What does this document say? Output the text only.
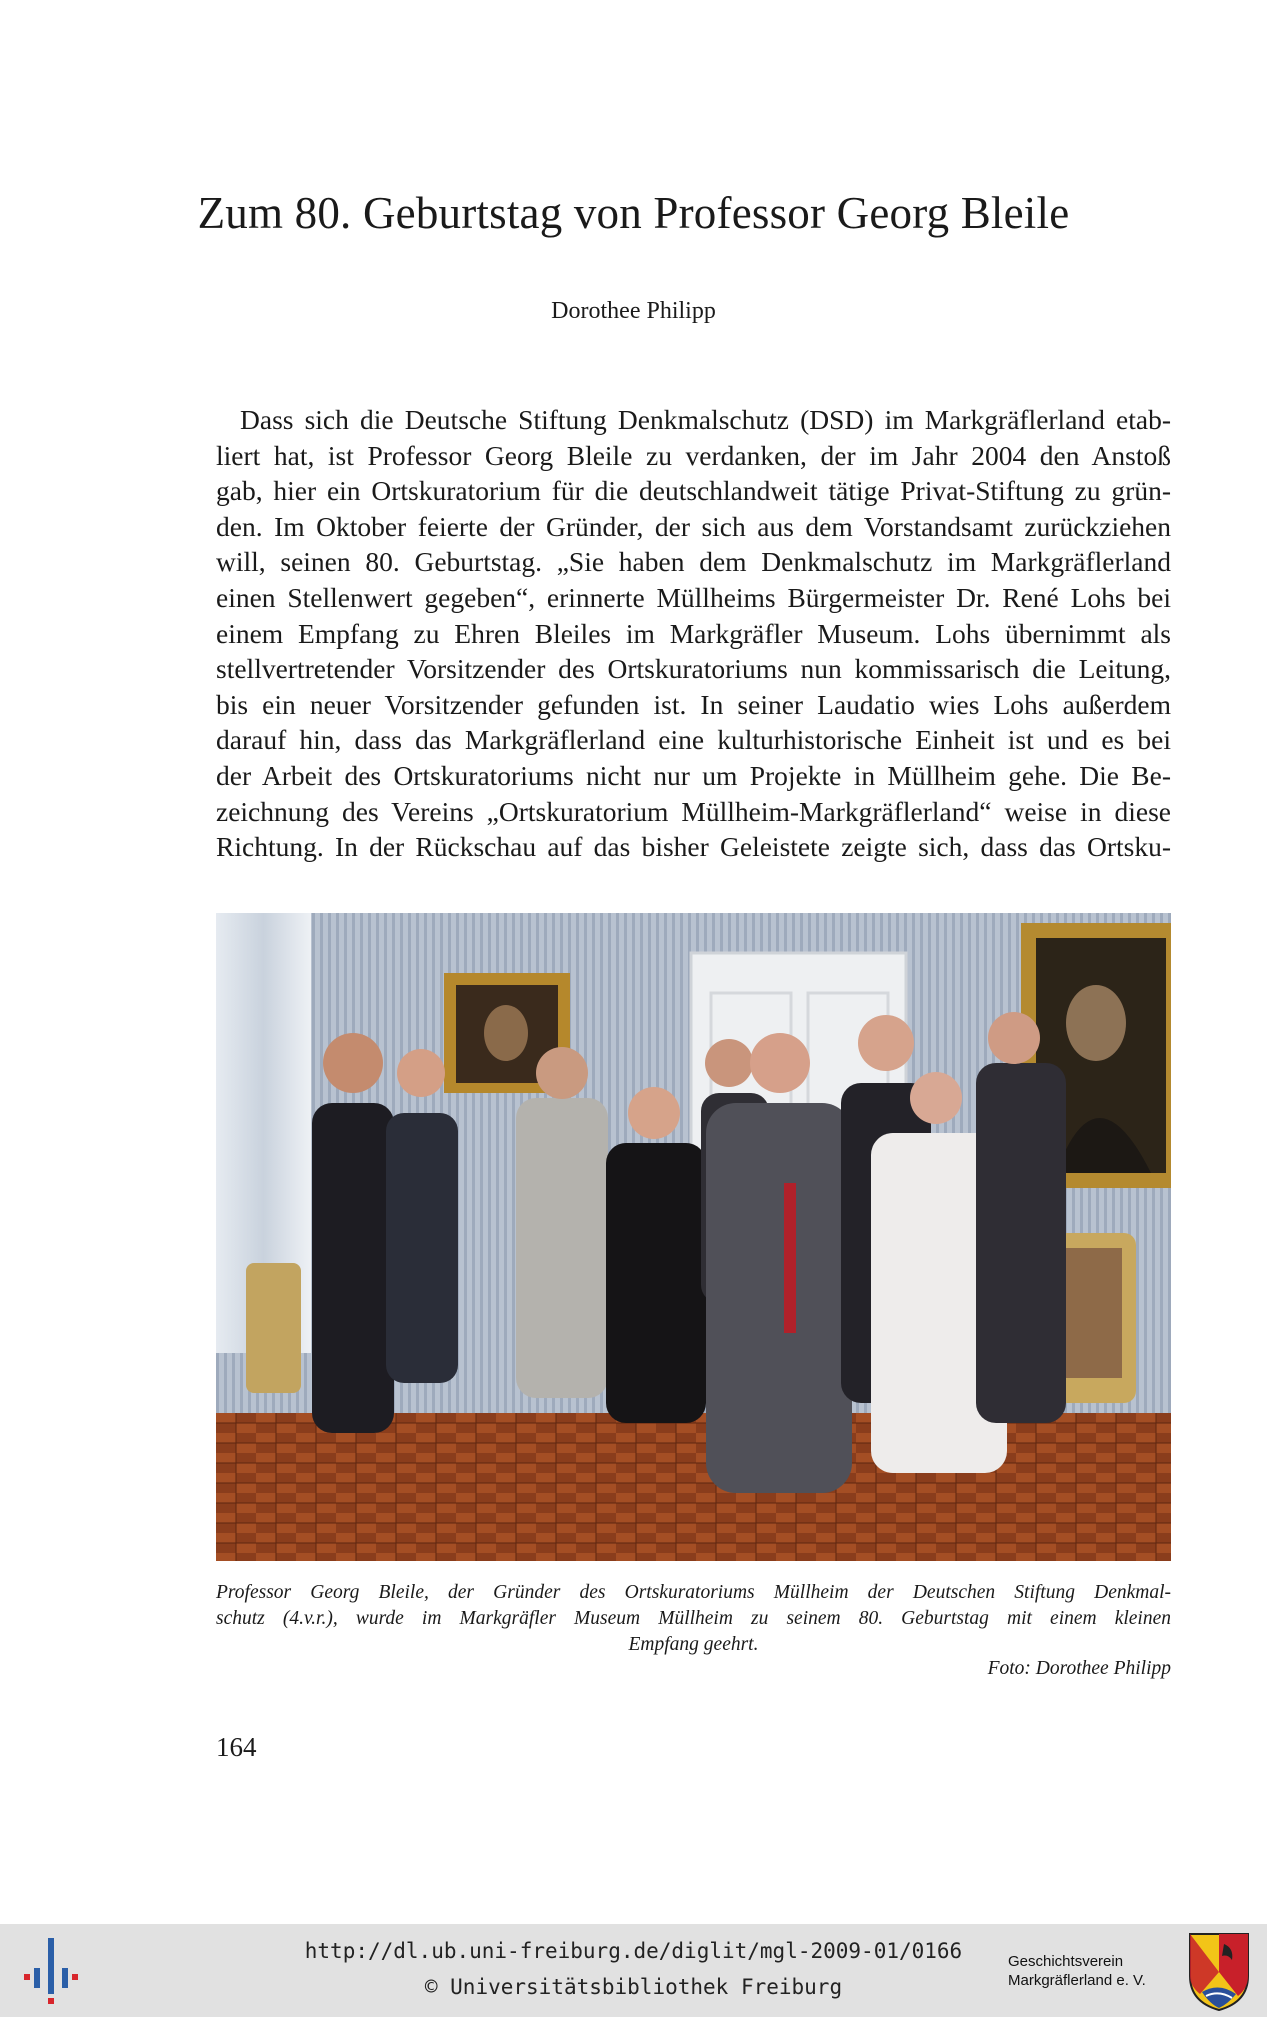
Zum 80. Geburtstag von Professor Georg Bleile
Dorothee Philipp
Dass sich die Deutsche Stiftung Denkmalschutz (DSD) im Markgräflerland etab-
liert hat, ist Professor Georg Bleile zu verdanken, der im Jahr 2004 den Anstoß
gab, hier ein Ortskuratorium für die deutschlandweit tätige Privat-Stiftung zu grün-
den. Im Oktober feierte der Gründer, der sich aus dem Vorstandsamt zurückziehen
will, seinen 80. Geburtstag. „Sie haben dem Denkmalschutz im Markgräflerland
einen Stellenwert gegeben“, erinnerte Müllheims Bürgermeister Dr. René Lohs bei
einem Empfang zu Ehren Bleiles im Markgräfler Museum. Lohs übernimmt als
stellvertretender Vorsitzender des Ortskuratoriums nun kommissarisch die Leitung,
bis ein neuer Vorsitzender gefunden ist. In seiner Laudatio wies Lohs außerdem
darauf hin, dass das Markgräflerland eine kulturhistorische Einheit ist und es bei
der Arbeit des Ortskuratoriums nicht nur um Projekte in Müllheim gehe. Die Be-
zeichnung des Vereins „Ortskuratorium Müllheim-Markgräflerland“ weise in diese
Richtung. In der Rückschau auf das bisher Geleistete zeigte sich, dass das Ortsku-
Professor Georg Bleile, der Gründer des Ortskuratoriums Müllheim der Deutschen Stiftung Denkmal-
schutz (4.v.r.), wurde im Markgräfler Museum Müllheim zu seinem 80. Geburtstag mit einem kleinen
Empfang geehrt.
Foto: Dorothee Philipp
164
http://dl.ub.uni-freiburg.de/diglit/mgl-2009-01/0166
© Universitätsbibliothek Freiburg
Geschichtsverein
Markgräflerland e. V.
